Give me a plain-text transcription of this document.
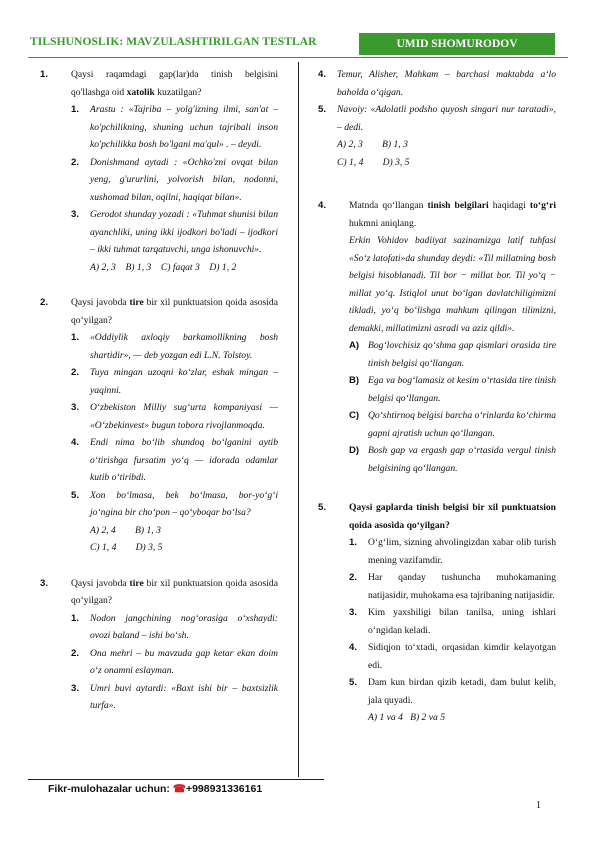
TILSHUNOSLIK: MAVZULASHTIRILGAN TESTLAR	UMID SHOMURODOV
1. Qaysi raqamdagi gap(lar)da tinish belgisini qo'llashga oid xatolik kuzatilgan?
1. Arastu : «Tajriba – yolg'izning ilmi, san'at – ko'pchilikning, shuning uchun tajribali inson ko'pchilikka bosh bo'lgani ma'qul» . – deydi.
2. Donishmand aytadi : «Ochko'zni ovqat bilan yeng, g'ururlini, yolvorish bilan, nodonni, xushomad bilan, oqilni, haqiqat bilan».
3. Gerodot shunday yozadi : «Tuhmat shunisi bilan ayanchliki, uning ikki ijodkori bo'ladi – ijodkori – ikki tuhmat tarqatuvchi, unga ishonuvchi».
A) 2, 3    B) 1, 3    C) faqat 3    D) 1, 2
2. Qaysi javobda tire bir xil punktuatsion qoida asosida qo‘yilgan?
1. «Oddiylik axloqiy barkamollikning bosh shartidir», — deb yozgan edi L.N. Tolstoy.
2. Tuya mingan uzoqni ko‘zlar, eshak mingan – yaqinni.
3. O‘zbekiston Milliy sug‘urta kompaniyasi — «O‘zbekinvest» bugun tobora rivojlanmoqda.
4. Endi nima bo‘lib shundoq bo‘lganini aytib o‘tirishga fursatim yo‘q — idorada odamlar kutib o‘tiribdi.
5. Xon bo‘lmasa, bek bo‘lmasa, bor-yo‘g‘i jo‘ngina bir cho‘pon – qo‘yboqar bo‘lsa?
A) 2, 4        B) 1, 3
C) 1, 4        D) 3, 5
3. Qaysi javobda tire bir xil punktuatsion qoida asosida qo‘yilgan?
1. Nodon jangchining nog‘orasiga o‘xshaydi: ovozi baland – ishi bo‘sh.
2. Ona mehri – bu mavzuda gap ketar ekan doim o‘z onamni eslayman.
3. Umri buvi aytardi: «Baxt ishi bir – baxtsizlik turfa».
4. Temur, Alisher, Mahkam – barchasi maktabda a‘lo baholda o‘qigan.
5. Navoiy: «Adolatli podsho quyosh singari nur taratadi», – dedi.
A) 2, 3        B) 1, 3
C) 1, 4        D) 3, 5
4. Matnda qo‘llangan tinish belgilari haqidagi to‘g‘ri hukmni aniqlang.
Erkin Vohidov badiiyat sazinamizga latif tuhfasi «So‘z latofati»da shunday deydi: «Til millatning bosh belgisi hisoblanadi. Til bor − millat bor. Til yo‘q − millat yo‘q. Istiqlol unut bo‘lgan davlatchiligimizni tikladi, yo‘q bo‘lishga mahkum qilingan tilimizni, demakki, millatimizni asradi va aziz qildi».
A) Bog‘lovchisiz qo‘shma gap qismlari orasida tire tinish belgisi qo‘llangan.
B) Ega va bog‘lamasiz ot kesim o‘rtasida tire tinish belgisi qo‘llangan.
C) Qo‘shtirnoq belgisi barcha o‘rinlarda ko‘chirma gapni ajratish uchun qo‘llangan.
D) Bosh gap va ergash gap o‘rtasida vergul tinish belgisining qo‘llangan.
5. Qaysi gaplarda tinish belgisi bir xil punktuatsion qoida asosida qo‘yilgan?
1. O‘g‘lim, sizning ahvolingizdan xabar olib turish mening vazifamdir.
2. Har qanday tushuncha muhokamaning natijasidir, muhokama esa tajribaning natijasidir.
3. Kim yaxshiligi bilan tanilsa, uning ishlari o‘ngidan keladi.
4. Sidiqjon to‘xtadi, orqasidan kimdir kelayotgan edi.
5. Dam kun birdan qizib ketadi, dam bulut kelib, jala quyadi.
A) 1 va 4   B) 2 va 5
Fikr-mulohazalar uchun: ☎+998931336161
1
